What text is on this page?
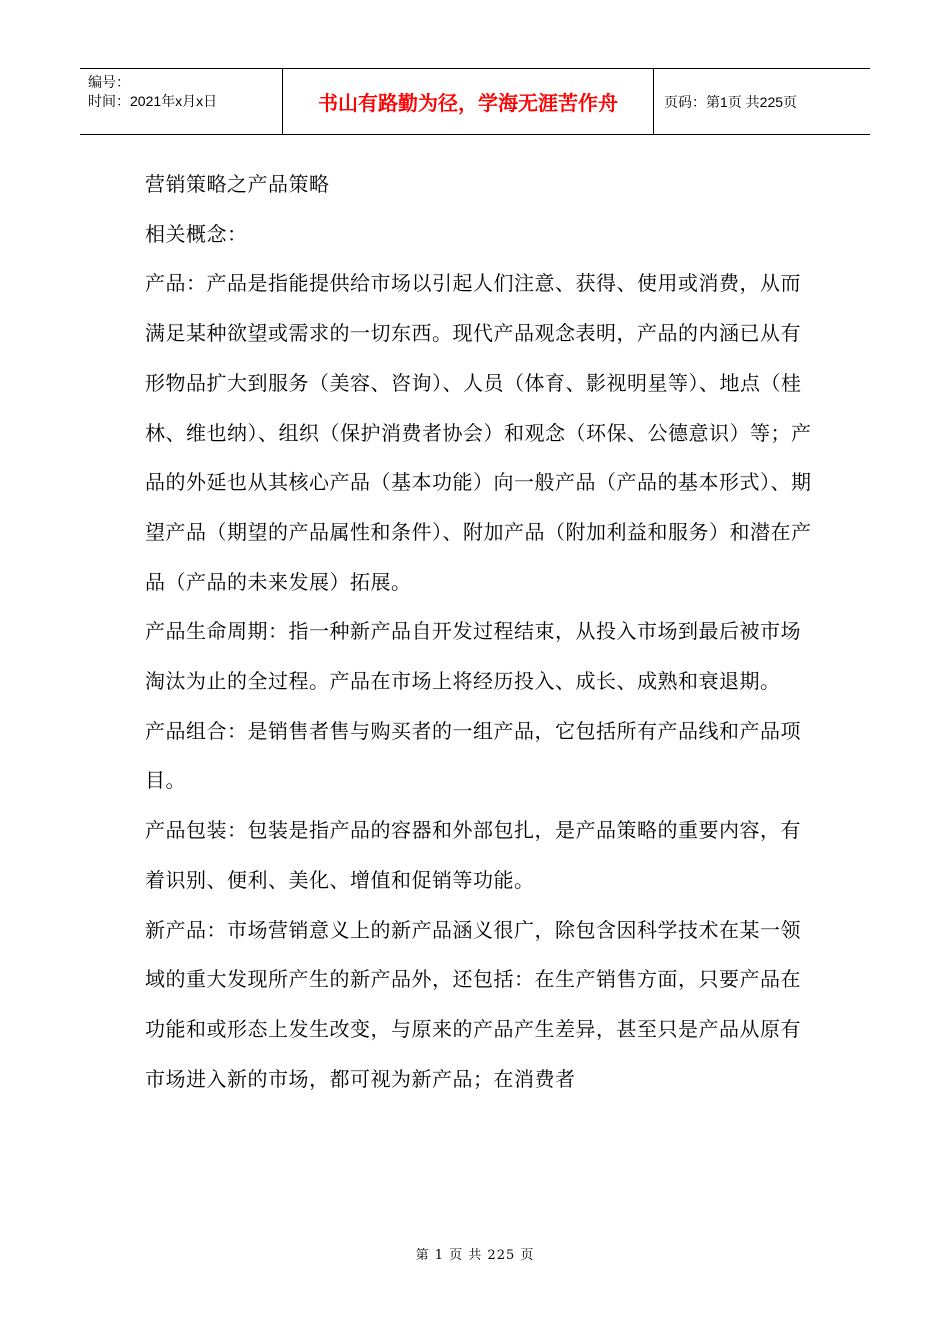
编号：
时间：2021年x月x日	书山有路勤为径，学海无涯苦作舟	页码：第1页 共225页

营销策略之产品策略

相关概念：

产品：产品是指能提供给市场以引起人们注意、获得、使用或消费，从而满足某种欲望或需求的一切东西。现代产品观念表明，产品的内涵已从有形物品扩大到服务（美容、咨询）、人员（体育、影视明星等）、地点（桂林、维也纳）、组织（保护消费者协会）和观念（环保、公德意识）等；产品的外延也从其核心产品（基本功能）向一般产品（产品的基本形式）、期望产品（期望的产品属性和条件）、附加产品（附加利益和服务）和潜在产品（产品的未来发展）拓展。

产品生命周期：指一种新产品自开发过程结束，从投入市场到最后被市场淘汰为止的全过程。产品在市场上将经历投入、成长、成熟和衰退期。

产品组合：是销售者售与购买者的一组产品，它包括所有产品线和产品项目。

产品包装：包装是指产品的容器和外部包扎，是产品策略的重要内容，有着识别、便利、美化、增值和促销等功能。

新产品：市场营销意义上的新产品涵义很广，除包含因科学技术在某一领域的重大发现所产生的新产品外，还包括：在生产销售方面，只要产品在功能和或形态上发生改变，与原来的产品产生差异，甚至只是产品从原有市场进入新的市场，都可视为新产品；在消费者

第 1 页 共 225 页
